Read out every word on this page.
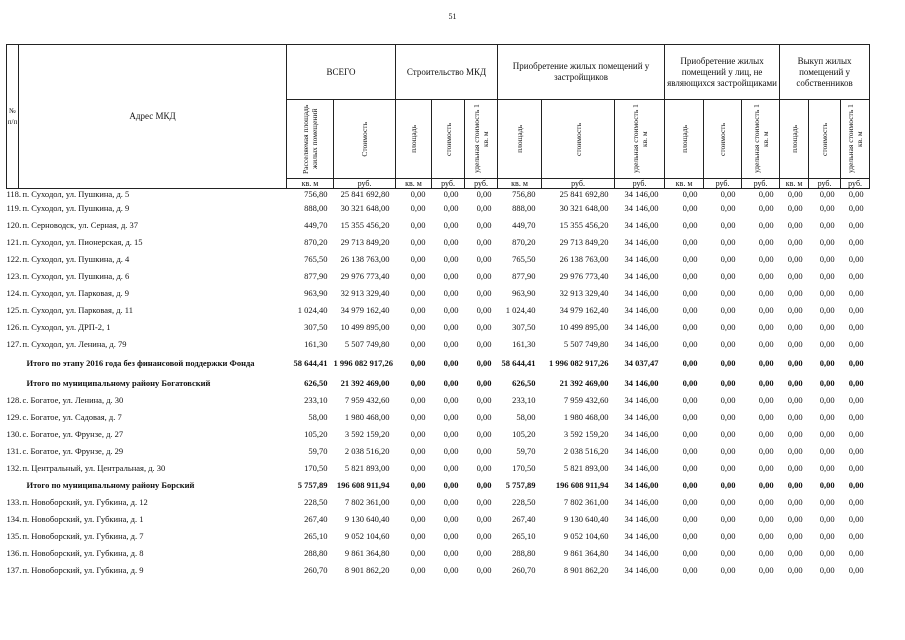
51
№ п/п	Адрес МКД	ВСЕГО		Строительство МКД			Приобретение жилых помещений у застройщиков			Приобретение жилых помещений у лиц, не являющихся застройщиками			Выкуп жилых помещений у собственников		

		Расселяемая площадь жилых помещений	Стоимость	площадь	стоимость	удельная стоимость 1 кв. м	площадь	стоимость	удельная стоимость 1 кв. м	площадь	стоимость	удельная стоимость 1 кв. м	площадь	стоимость	удельная стоимость 1 кв. м

		кв. м	руб.	кв. м	руб.	руб.	кв. м	руб.	руб.	кв. м	руб.	руб.	кв. м	руб.	руб.
118.	п. Суходол, ул. Пушкина, д. 5	756,80	25 841 692,80	0,00	0,00	0,00	756,80	25 841 692,80	34 146,00	0,00	0,00	0,00	0,00	0,00	0,00
119.	п. Суходол, ул. Пушкина, д. 9	888,00	30 321 648,00	0,00	0,00	0,00	888,00	30 321 648,00	34 146,00	0,00	0,00	0,00	0,00	0,00	0,00
120.	п. Серноводск, ул. Серная, д. 37	449,70	15 355 456,20	0,00	0,00	0,00	449,70	15 355 456,20	34 146,00	0,00	0,00	0,00	0,00	0,00	0,00
121.	п. Суходол, ул. Пионерская, д. 15	870,20	29 713 849,20	0,00	0,00	0,00	870,20	29 713 849,20	34 146,00	0,00	0,00	0,00	0,00	0,00	0,00
122.	п. Суходол, ул. Пушкина, д. 4	765,50	26 138 763,00	0,00	0,00	0,00	765,50	26 138 763,00	34 146,00	0,00	0,00	0,00	0,00	0,00	0,00
123.	п. Суходол, ул. Пушкина, д. 6	877,90	29 976 773,40	0,00	0,00	0,00	877,90	29 976 773,40	34 146,00	0,00	0,00	0,00	0,00	0,00	0,00
124.	п. Суходол, ул. Парковая, д. 9	963,90	32 913 329,40	0,00	0,00	0,00	963,90	32 913 329,40	34 146,00	0,00	0,00	0,00	0,00	0,00	0,00
125.	п. Суходол, ул. Парковая, д. 11	1 024,40	34 979 162,40	0,00	0,00	0,00	1 024,40	34 979 162,40	34 146,00	0,00	0,00	0,00	0,00	0,00	0,00
126.	п. Суходол, ул. ДРП-2, 1	307,50	10 499 895,00	0,00	0,00	0,00	307,50	10 499 895,00	34 146,00	0,00	0,00	0,00	0,00	0,00	0,00
127.	п. Суходол, ул. Ленина, д. 79	161,30	5 507 749,80	0,00	0,00	0,00	161,30	5 507 749,80	34 146,00	0,00	0,00	0,00	0,00	0,00	0,00
Итого по этапу 2016 года без финансовой поддержки Фонда		58 644,41	1 996 082 917,26	0,00	0,00	0,00	58 644,41	1 996 082 917,26	34 037,47	0,00	0,00	0,00	0,00	0,00	0,00
Итого по муниципальному району Богатовский		626,50	21 392 469,00	0,00	0,00	0,00	626,50	21 392 469,00	34 146,00	0,00	0,00	0,00	0,00	0,00	0,00
128.	с. Богатое, ул. Ленина, д. 30	233,10	7 959 432,60	0,00	0,00	0,00	233,10	7 959 432,60	34 146,00	0,00	0,00	0,00	0,00	0,00	0,00
129.	с. Богатое, ул. Садовая, д. 7	58,00	1 980 468,00	0,00	0,00	0,00	58,00	1 980 468,00	34 146,00	0,00	0,00	0,00	0,00	0,00	0,00
130.	с. Богатое, ул. Фрунзе, д. 27	105,20	3 592 159,20	0,00	0,00	0,00	105,20	3 592 159,20	34 146,00	0,00	0,00	0,00	0,00	0,00	0,00
131.	с. Богатое, ул. Фрунзе, д. 29	59,70	2 038 516,20	0,00	0,00	0,00	59,70	2 038 516,20	34 146,00	0,00	0,00	0,00	0,00	0,00	0,00
132.	п. Центральный, ул. Центральная, д. 30	170,50	5 821 893,00	0,00	0,00	0,00	170,50	5 821 893,00	34 146,00	0,00	0,00	0,00	0,00	0,00	0,00
Итого по муниципальному району Борский		5 757,89	196 608 911,94	0,00	0,00	0,00	5 757,89	196 608 911,94	34 146,00	0,00	0,00	0,00	0,00	0,00	0,00
133.	п. Новоборский, ул. Губкина, д. 12	228,50	7 802 361,00	0,00	0,00	0,00	228,50	7 802 361,00	34 146,00	0,00	0,00	0,00	0,00	0,00	0,00
134.	п. Новоборский, ул. Губкина, д. 1	267,40	9 130 640,40	0,00	0,00	0,00	267,40	9 130 640,40	34 146,00	0,00	0,00	0,00	0,00	0,00	0,00
135.	п. Новоборский, ул. Губкина, д. 7	265,10	9 052 104,60	0,00	0,00	0,00	265,10	9 052 104,60	34 146,00	0,00	0,00	0,00	0,00	0,00	0,00
136.	п. Новоборский, ул. Губкина, д. 8	288,80	9 861 364,80	0,00	0,00	0,00	288,80	9 861 364,80	34 146,00	0,00	0,00	0,00	0,00	0,00	0,00
137.	п. Новоборский, ул. Губкина, д. 9	260,70	8 901 862,20	0,00	0,00	0,00	260,70	8 901 862,20	34 146,00	0,00	0,00	0,00	0,00	0,00	0,00
